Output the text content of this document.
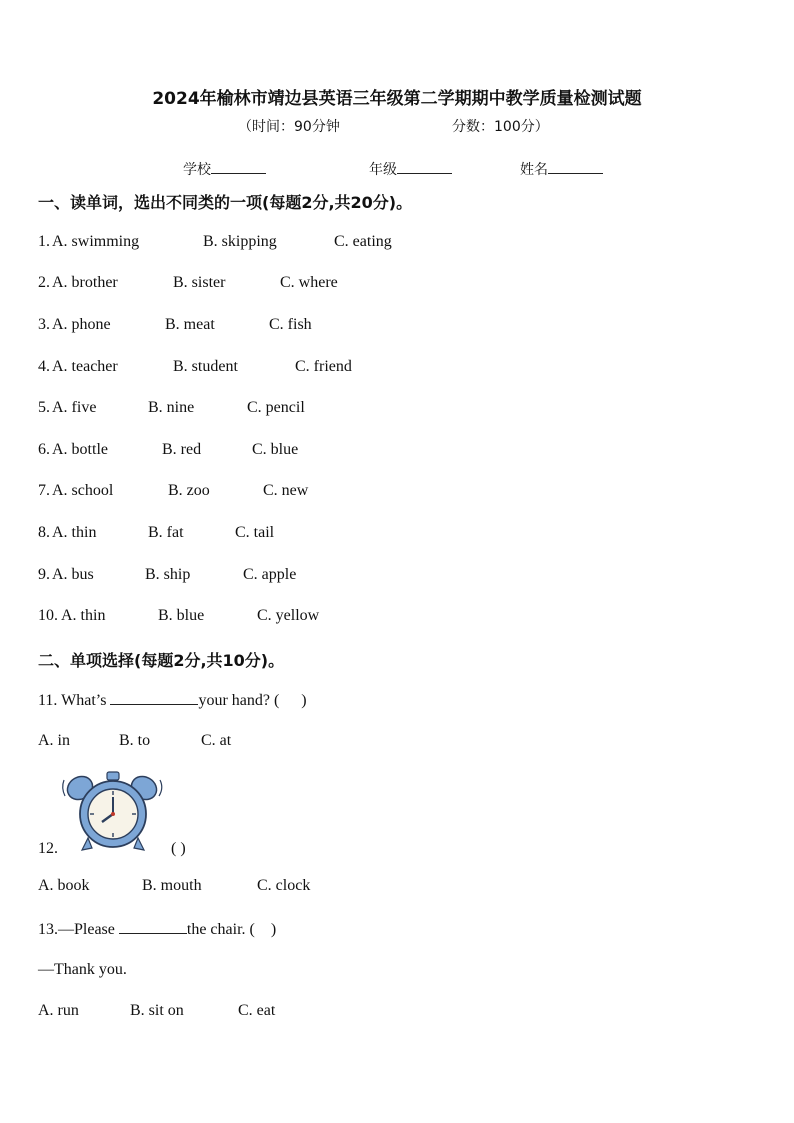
2024年榆林市靖边县英语三年级第二学期期中教学质量检测试题
（时间：90分钟	分数：100分）
学校	年级	姓名
一、读单词，选出不同类的一项(每题2分,共20分)。
1. A. swimming	B. skipping	C. eating
2. A. brother	B. sister	C. where
3. A. phone	B. meat	C. fish
4. A. teacher	B. student	C. friend
5. A. five	B. nine	C. pencil
6. A. bottle	B. red	C. blue
7. A. school	B. zoo	C. new
8. A. thin	B. fat	C. tail
9. A. bus	B. ship	C. apple
10. A. thin	B. blue	C. yellow
二、单项选择(每题2分,共10分)。
11. What’s	your hand? ( )
A. in	B. to	C. at
12.	( )
A. book	B. mouth	C. clock
13.—Please	the chair. ( )
—Thank you.
A. run	B. sit on	C. eat
